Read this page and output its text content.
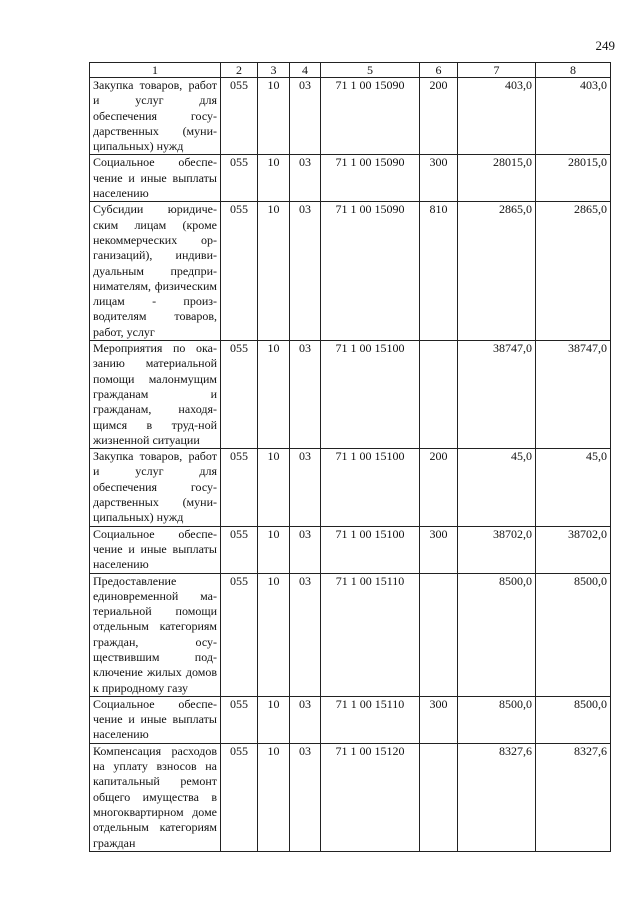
249
1	2	3	4	5	6	7	8
Закупка товаров, работ и услуг для обеспечения государственных (муниципальных) нужд	055	10	03	71 1 00 15090	200	403,0	403,0
Социальное обеспечение и иные выплаты населению	055	10	03	71 1 00 15090	300	28015,0	28015,0
Субсидии юридическим лицам (кроме некоммерческих организаций), индивидуальным предпринимателям, физическим лицам - производителям товаров, работ, услуг	055	10	03	71 1 00 15090	810	2865,0	2865,0
Мероприятия по оказанию материальной помощи малонмущим гражданам и гражданам, находящимся в труд-ной жизненной ситуации	055	10	03	71 1 00 15100		38747,0	38747,0
Закупка товаров, работ и услуг для обеспечения государственных (муниципальных) нужд	055	10	03	71 1 00 15100	200	45,0	45,0
Социальное обеспечение и иные выплаты населению	055	10	03	71 1 00 15100	300	38702,0	38702,0
Предоставление единовременной материальной помощи отдельным категориям граждан, осуществившим подключение жилых домов к природному газу	055	10	03	71 1 00 15110		8500,0	8500,0
Социальное обеспечение и иные выплаты населению	055	10	03	71 1 00 15110	300	8500,0	8500,0
Компенсация расходов на уплату взносов на капитальный ремонт общего имущества в многоквартирном доме отдельным категориям граждан	055	10	03	71 1 00 15120		8327,6	8327,6
